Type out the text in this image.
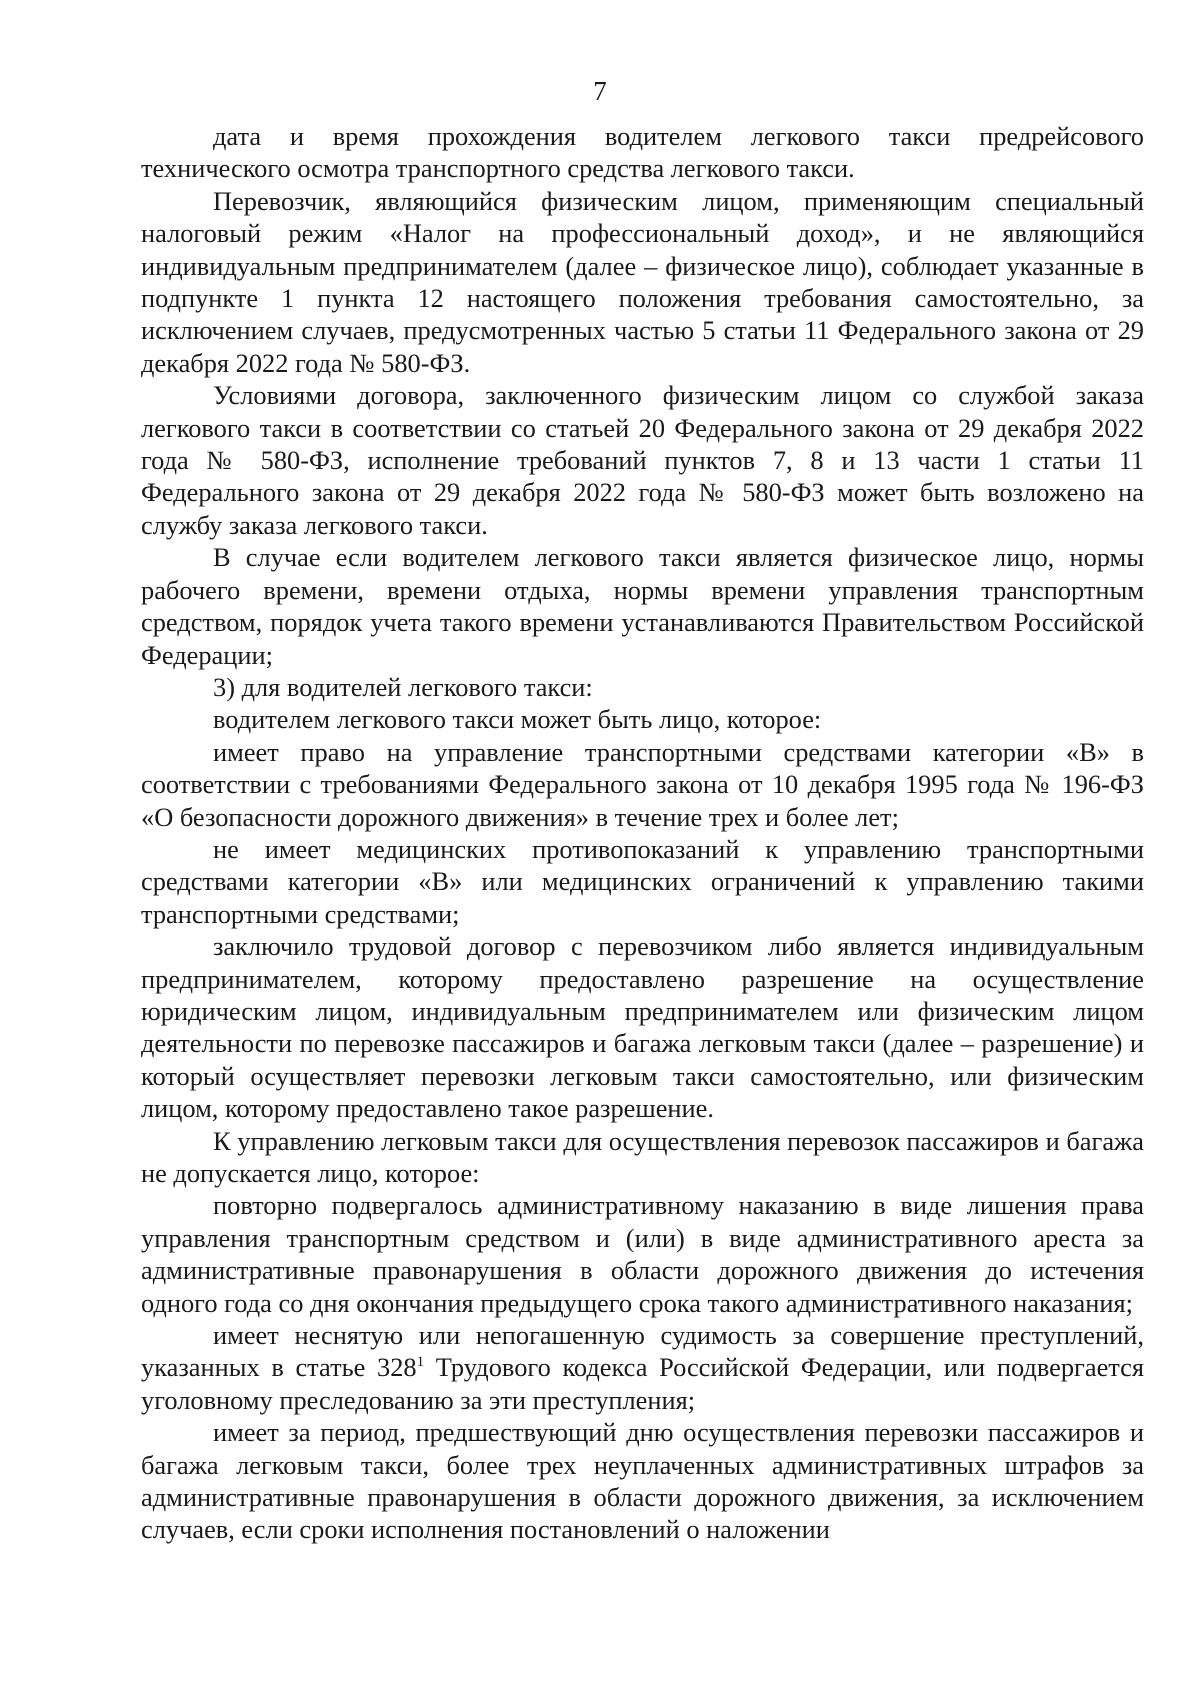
7

дата и время прохождения водителем легкового такси предрейсового технического осмотра транспортного средства легкового такси.

Перевозчик, являющийся физическим лицом, применяющим специальный налоговый режим «Налог на профессиональный доход», и не являющийся индивидуальным предпринимателем (далее – физическое лицо), соблюдает указанные в подпункте 1 пункта 12 настоящего положения требования самостоятельно, за исключением случаев, предусмотренных частью 5 статьи 11 Федерального закона от 29 декабря 2022 года № 580-ФЗ.

Условиями договора, заключенного физическим лицом со службой заказа легкового такси в соответствии со статьей 20 Федерального закона от 29 декабря 2022 года № 580-ФЗ, исполнение требований пунктов 7, 8 и 13 части 1 статьи 11 Федерального закона от 29 декабря 2022 года № 580-ФЗ может быть возложено на службу заказа легкового такси.

В случае если водителем легкового такси является физическое лицо, нормы рабочего времени, времени отдыха, нормы времени управления транспортным средством, порядок учета такого времени устанавливаются Правительством Российской Федерации;

3) для водителей легкового такси:

водителем легкового такси может быть лицо, которое:

имеет право на управление транспортными средствами категории «В» в соответствии с требованиями Федерального закона от 10 декабря 1995 года № 196-ФЗ «О безопасности дорожного движения» в течение трех и более лет;

не имеет медицинских противопоказаний к управлению транспортными средствами категории «В» или медицинских ограничений к управлению такими транспортными средствами;

заключило трудовой договор с перевозчиком либо является индивидуальным предпринимателем, которому предоставлено разрешение на осуществление юридическим лицом, индивидуальным предпринимателем или физическим лицом деятельности по перевозке пассажиров и багажа легковым такси (далее – разрешение) и который осуществляет перевозки легковым такси самостоятельно, или физическим лицом, которому предоставлено такое разрешение.

К управлению легковым такси для осуществления перевозок пассажиров и багажа не допускается лицо, которое:

повторно подвергалось административному наказанию в виде лишения права управления транспортным средством и (или) в виде административного ареста за административные правонарушения в области дорожного движения до истечения одного года со дня окончания предыдущего срока такого административного наказания;

имеет неснятую или непогашенную судимость за совершение преступлений, указанных в статье $328^1$ Трудового кодекса Российской Федерации, или подвергается уголовному преследованию за эти преступления;

имеет за период, предшествующий дню осуществления перевозки пассажиров и багажа легковым такси, более трех неуплаченных административных штрафов за административные правонарушения в области дорожного движения, за исключением случаев, если сроки исполнения постановлений о наложении
